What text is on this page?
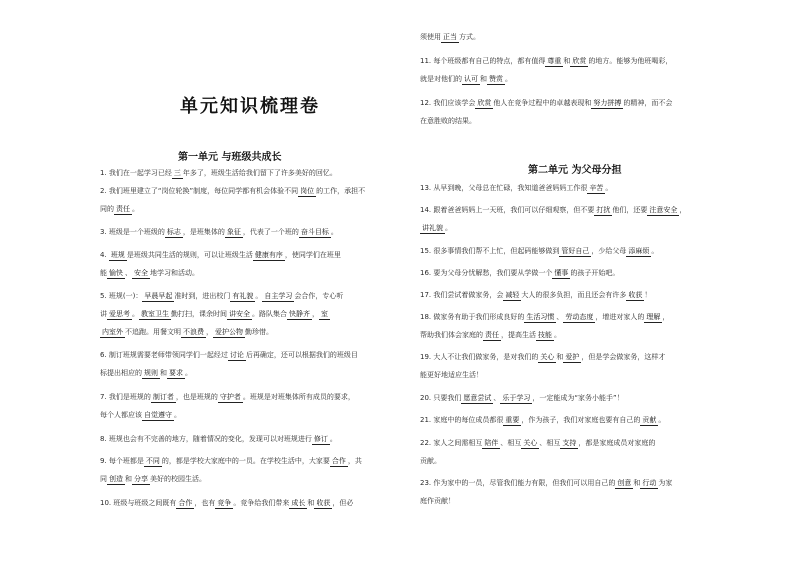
单元知识梳理卷
第一单元 与班级共成长
1. 我们在一起学习已经 三 年多了，班级生活给我们留下了许多美好的回忆。
2. 我们班里建立了“岗位轮换”制度，每位同学都有机会体验不同 岗位 的工作，承担不
同的 责任 。
3. 班级是一个班级的 标志 ，是班集体的 象征 ，代表了一个班的 奋斗目标 。
4. 班规 是班级共同生活的规则，可以让班级生活 健康有序 ，使同学们在班里
能 愉快 、 安全 地学习和活动。
5. 班规(一)： 早晨早起 准时到，进出校门 有礼貌 。 自主学习 会合作，专心听
讲 爱思考 。 教室卫生 勤打扫，课余时间 讲安全 。路队集合 快静齐 ， 室
内室外 不追跑。用餐文明 不浪费 ， 爱护公物 勤珍惜。
6. 制订班规需要老师带领同学们一起经过 讨论 后再确定，还可以根据我们的班级目
标提出相应的 规则 和 要求 。
7. 我们是班规的 制订者 ，也是班规的 守护者 。班规是对班集体所有成员的要求，
每个人都应该 自觉遵守 。
8. 班规也会有不完善的地方，随着情况的变化，发现可以对班规进行 修订 。
9. 每个班都是 不同 的，都是学校大家庭中的一员。在学校生活中，大家要 合作 ，共
同 创造 和 分享 美好的校园生活。
10. 班级与班级之间既有 合作 ，也有 竞争 。竞争给我们带来 成长 和 收获 ，但必
第二单元 为父母分担
须使用 正当 方式。
11. 每个班级都有自己的特点，都有值得 尊重 和 欣赏 的地方。能够为他班喝彩，
就是对他们的 认可 和 赞赏 。
12. 我们应该学会 欣赏 他人在竞争过程中的卓越表现和 努力拼搏 的精神，而不会
在意胜败的结果。
13. 从早到晚，父母总在忙碌，我知道爸爸妈妈工作很 辛苦 。
14. 跟着爸爸妈妈上一天班，我们可以仔细观察，但不要 打扰 他们，还要 注意安全 ，
讲礼貌 。
15. 很多事情我们帮不上忙，但起码能够做到 管好自己 ，少给父母 添麻烦 。
16. 要为父母分忧解愁，我们要从学做一个 懂事 的孩子开始吧。
17. 我们尝试着做家务，会 减轻 大人的很多负担，而且还会有许多 收获 ！
18. 做家务有助于我们形成良好的 生活习惯 、 劳动态度 ，增进对家人的 理解 ，
帮助我们体会家庭的 责任 ，提高生活 技能 。
19. 大人不让我们做家务，是对我们的 关心 和 爱护 ，但是学会做家务，这样才
能更好地适应生活！
20. 只要我们 愿意尝试 、 乐于学习 ，一定能成为“家务小能手”！
21. 家庭中的每位成员都很 重要 ，作为孩子，我们对家庭也要有自己的 贡献 。
22. 家人之间需相互 陪伴 、相互 关心 、相互 支持 ，都是家庭成员对家庭的
贡献。
23. 作为家中的一员，尽管我们能力有限，但我们可以用自己的 创意 和 行动 为家
庭作贡献！
